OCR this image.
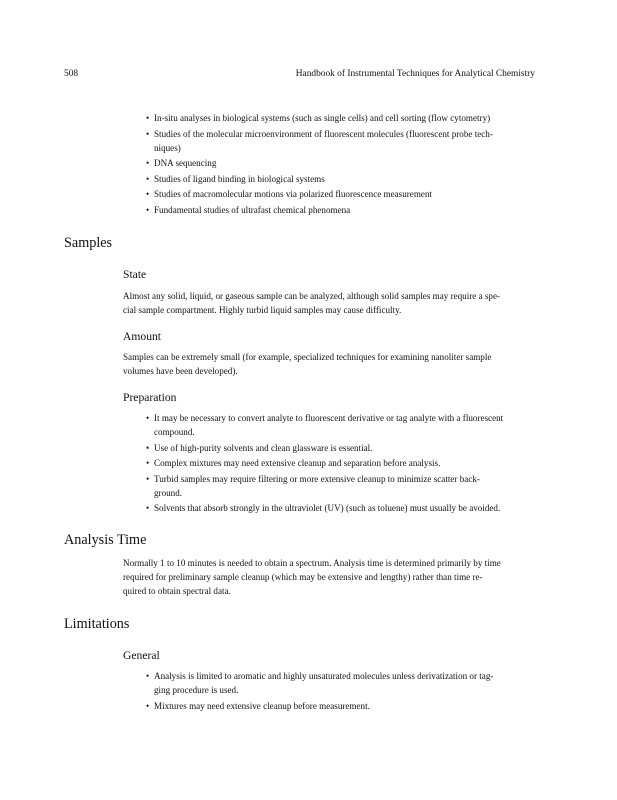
508	Handbook of Instrumental Techniques for Analytical Chemistry
• In-situ analyses in biological systems (such as single cells) and cell sorting (flow cytometry)
• Studies of the molecular microenvironment of fluorescent molecules (fluorescent probe tech-
niques)
• DNA sequencing
• Studies of ligand binding in biological systems
• Studies of macromolecular motions via polarized fluorescence measurement
• Fundamental studies of ultrafast chemical phenomena
Samples
State

Almost any solid, liquid, or gaseous sample can be analyzed, although solid samples may require a spe-
cial sample compartment. Highly turbid liquid samples may cause difficulty.

Amount

Samples can be extremely small (for example, specialized techniques for examining nanoliter sample
volumes have been developed).

Preparation
• It may be necessary to convert analyte to fluorescent derivative or tag analyte with a fluorescent
compound.
• Use of high-purity solvents and clean glassware is essential.
• Complex mixtures may need extensive cleanup and separation before analysis.
• Turbid samples may require filtering or more extensive cleanup to minimize scatter back-
ground.
• Solvents that absorb strongly in the ultraviolet (UV) (such as toluene) must usually be avoided.
Analysis Time

Normally 1 to 10 minutes is needed to obtain a spectrum. Analysis time is determined primarily by time
required for preliminary sample cleanup (which may be extensive and lengthy) rather than time re-
quired to obtain spectral data.

Limitations
General
• Analysis is limited to aromatic and highly unsaturated molecules unless derivatization or tag-
ging procedure is used.
• Mixtures may need extensive cleanup before measurement.
